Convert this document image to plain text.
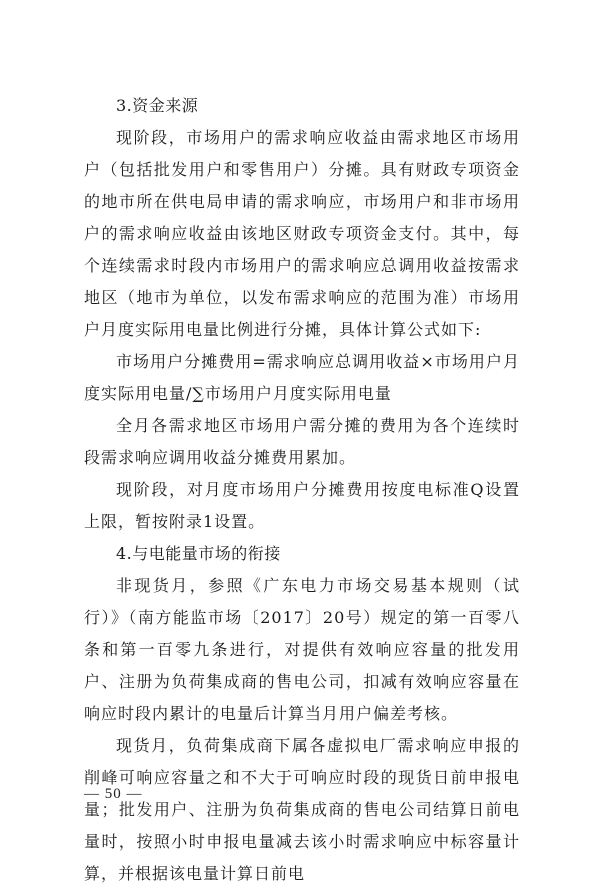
3.资金来源

现阶段，市场用户的需求响应收益由需求地区市场用户（包括批发用户和零售用户）分摊。具有财政专项资金的地市所在供电局申请的需求响应，市场用户和非市场用户的需求响应收益由该地区财政专项资金支付。其中，每个连续需求时段内市场用户的需求响应总调用收益按需求地区（地市为单位，以发布需求响应的范围为准）市场用户月度实际用电量比例进行分摊，具体计算公式如下:

市场用户分摊费用=需求响应总调用收益×市场用户月度实际用电量/∑市场用户月度实际用电量

全月各需求地区市场用户需分摊的费用为各个连续时段需求响应调用收益分摊费用累加。

现阶段，对月度市场用户分摊费用按度电标准Q设置上限，暂按附录1设置。

4.与电能量市场的衔接

非现货月，参照《广东电力市场交易基本规则（试行）》（南方能监市场〔2017〕20号）规定的第一百零八条和第一百零九条进行，对提供有效响应容量的批发用户、注册为负荷集成商的售电公司，扣减有效响应容量在响应时段内累计的电量后计算当月用户偏差考核。

现货月，负荷集成商下属各虚拟电厂需求响应申报的削峰可响应容量之和不大于可响应时段的现货日前申报电量；批发用户、注册为负荷集成商的售电公司结算日前电量时，按照小时申报电量减去该小时需求响应中标容量计算，并根据该电量计算日前电

— 50 —
